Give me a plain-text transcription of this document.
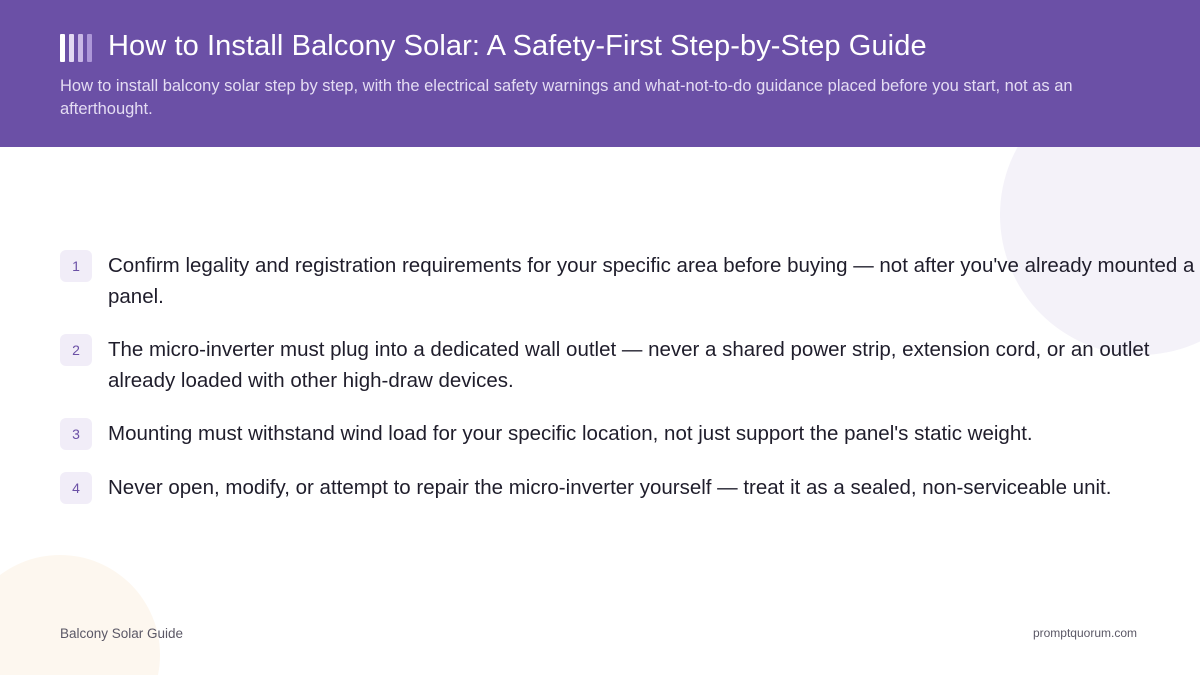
How to Install Balcony Solar: A Safety-First Step-by-Step Guide

How to install balcony solar step by step, with the electrical safety warnings and what-not-to-do guidance placed before you start, not as an afterthought.

1	Confirm legality and registration requirements for your specific area before buying — not after you've already mounted a panel.
2	The micro-inverter must plug into a dedicated wall outlet — never a shared power strip, extension cord, or an outlet already loaded with other high-draw devices.
3	Mounting must withstand wind load for your specific location, not just support the panel's static weight.
4	Never open, modify, or attempt to repair the micro-inverter yourself — treat it as a sealed, non-serviceable unit.
Balcony Solar Guide	promptquorum.com
